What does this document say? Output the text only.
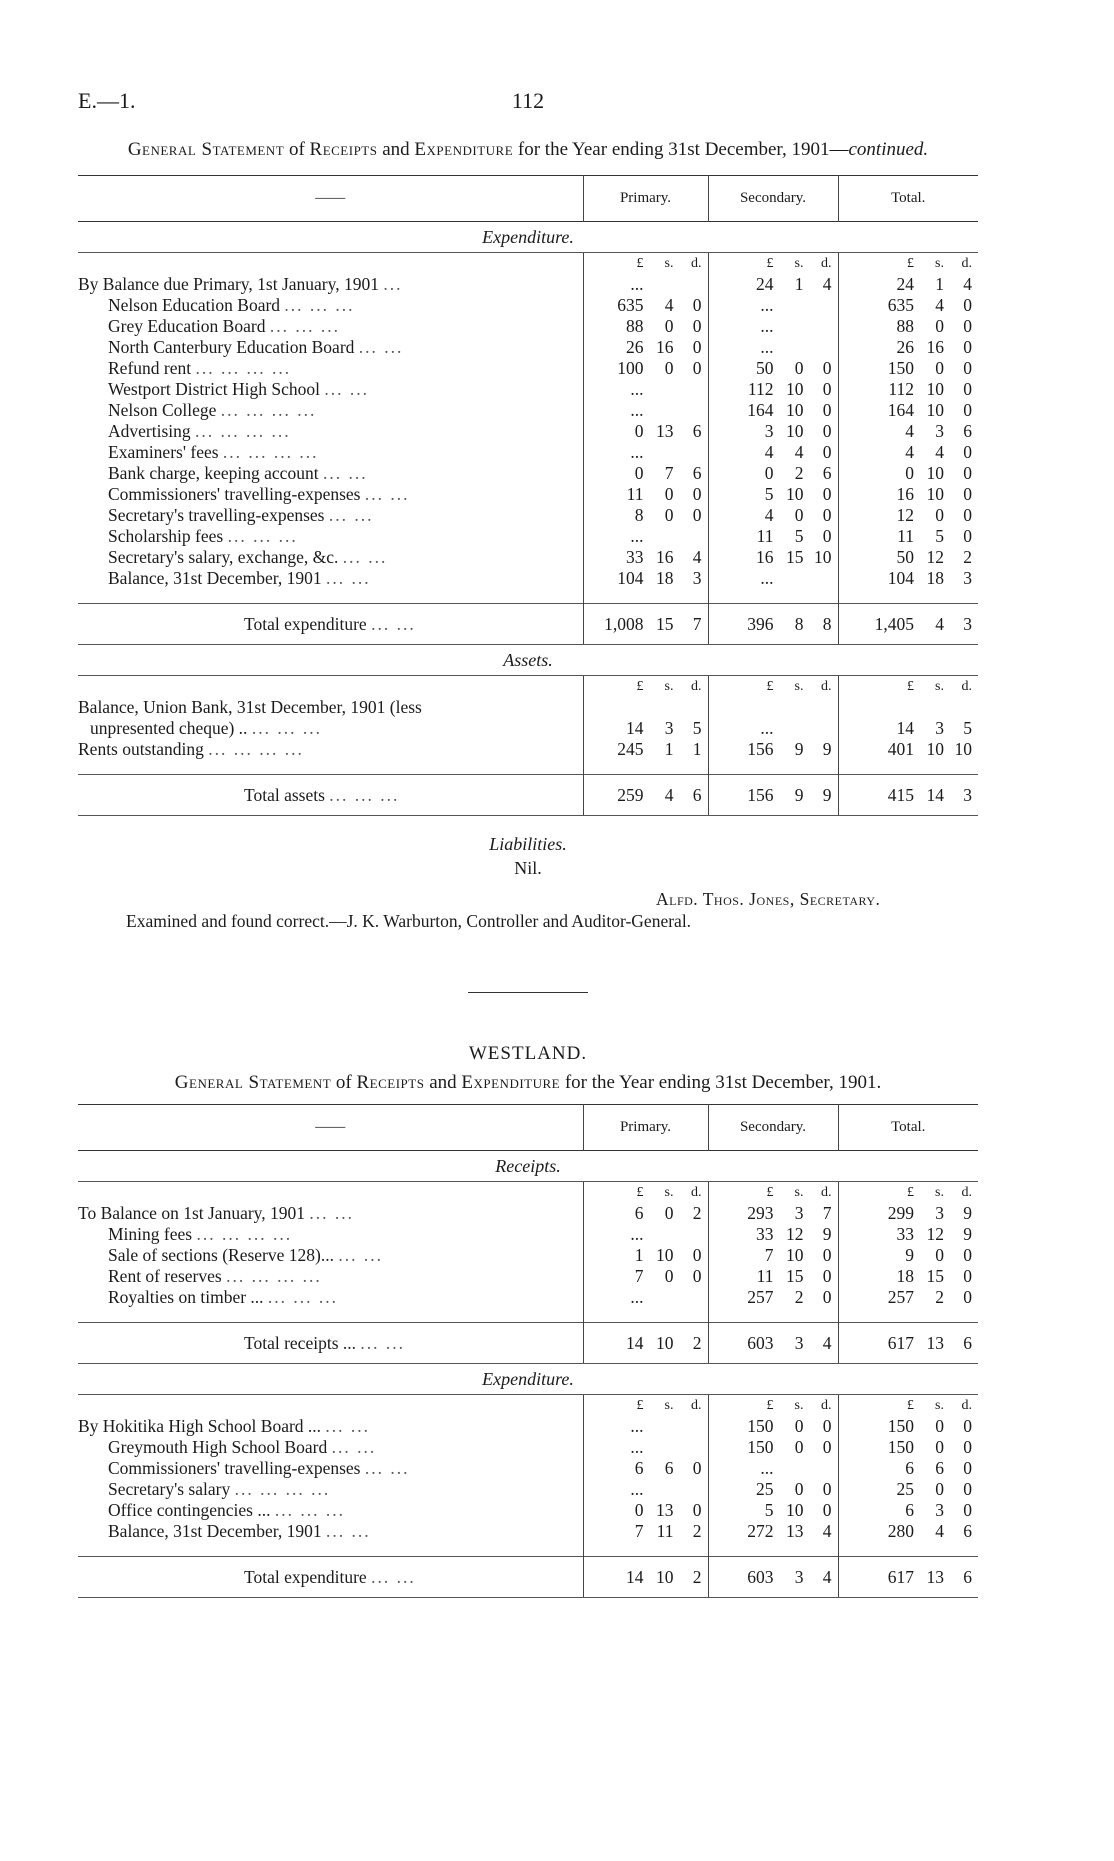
E.—1.	112
General Statement of Receipts and Expenditure for the Year ending 31st December, 1901—continued.
——	Primary.	Secondary.	Total.
Expenditure.			

	£ s. d.	£ s. d.	£ s. d.

By Balance due Primary, 1st January, 1901 ...	...	24 1 4	24 1 4

Nelson Education Board ... ... ...	635 4 0	...	635 4 0

Grey Education Board ... ... ...	88 0 0	...	88 0 0

North Canterbury Education Board ... ...	26 16 0	...	26 16 0

Refund rent ... ... ... ...	100 0 0	50 0 0	150 0 0

Westport District High School ... ...	...	112 10 0	112 10 0

Nelson College ... ... ... ...	...	164 10 0	164 10 0

Advertising ... ... ... ...	0 13 6	3 10 0	4 3 6

Examiners' fees ... ... ... ...	...	4 4 0	4 4 0

Bank charge, keeping account ... ...	0 7 6	0 2 6	0 10 0

Commissioners' travelling-expenses ... ...	11 0 0	5 10 0	16 10 0

Secretary's travelling-expenses ... ...	8 0 0	4 0 0	12 0 0

Scholarship fees ... ... ...	...	11 5 0	11 5 0

Secretary's salary, exchange, &c. ... ...	33 16 4	16 15 10	50 12 2

Balance, 31st December, 1901 ... ...	104 18 3	...	104 18 3

Total expenditure ... ...	1,008 15 7	396 8 8	1,405 4 3

Assets.			

	£ s. d.	£ s. d.	£ s. d.

Balance, Union Bank, 31st December, 1901 (less	

unpresented cheque) .. ... ... ...	14 3 5	...	14 3 5

Rents outstanding ... ... ... ...	245 1 1	156 9 9	401 10 10

Total assets ... ... ...	259 4 6	156 9 9	415 14 3
Liabilities.
Nil.
Alfd. Thos. Jones, Secretary.
Examined and found correct.—J. K. Warburton, Controller and Auditor-General.
WESTLAND.
General Statement of Receipts and Expenditure for the Year ending 31st December, 1901.
——	Primary.	Secondary.	Total.
Receipts.			

	£ s. d.	£ s. d.	£ s. d.

To Balance on 1st January, 1901 ... ...	6 0 2	293 3 7	299 3 9

Mining fees ... ... ... ...	...	33 12 9	33 12 9

Sale of sections (Reserve 128)... ... ...	1 10 0	7 10 0	9 0 0

Rent of reserves ... ... ... ...	7 0 0	11 15 0	18 15 0

Royalties on timber ... ... ... ...	...	257 2 0	257 2 0

Total receipts ... ... ...	14 10 2	603 3 4	617 13 6

Expenditure.			

	£ s. d.	£ s. d.	£ s. d.

By Hokitika High School Board ... ... ...	...	150 0 0	150 0 0

Greymouth High School Board ... ...	...	150 0 0	150 0 0

Commissioners' travelling-expenses ... ...	6 6 0	...	6 6 0

Secretary's salary ... ... ... ...	...	25 0 0	25 0 0

Office contingencies ... ... ... ...	0 13 0	5 10 0	6 3 0

Balance, 31st December, 1901 ... ...	7 11 2	272 13 4	280 4 6

Total expenditure ... ...	14 10 2	603 3 4	617 13 6
